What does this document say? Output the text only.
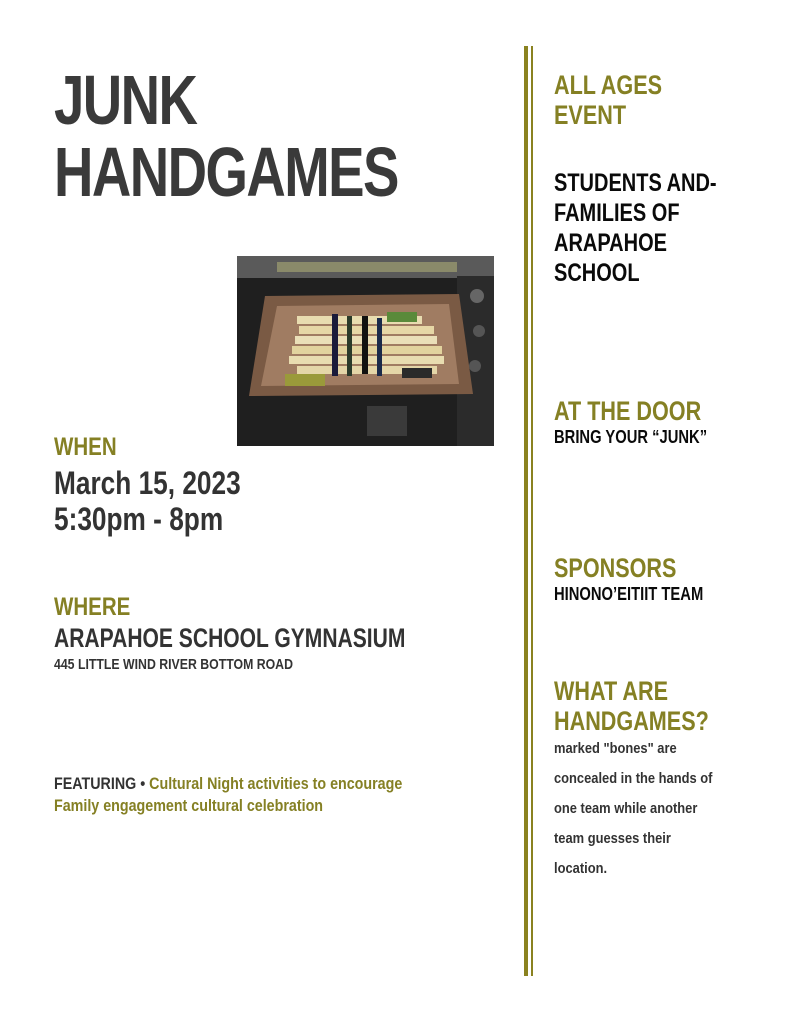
JUNK
HANDGAMES
WHEN
March 15, 2023
5:30pm - 8pm
WHERE
ARAPAHOE SCHOOL GYMNASIUM
445 LITTLE WIND RIVER BOTTOM ROAD
FEATURING • Cultural Night activities to encourage
Family engagement cultural celebration
ALL AGES
EVENT
STUDENTS AND-
FAMILIES OF
ARAPAHOE
SCHOOL
AT THE DOOR
BRING YOUR “JUNK”
SPONSORS
HINONO’EITIIT TEAM
WHAT ARE
HANDGAMES?
marked "bones" are
concealed in the hands of
one team while another
team guesses their
location.
